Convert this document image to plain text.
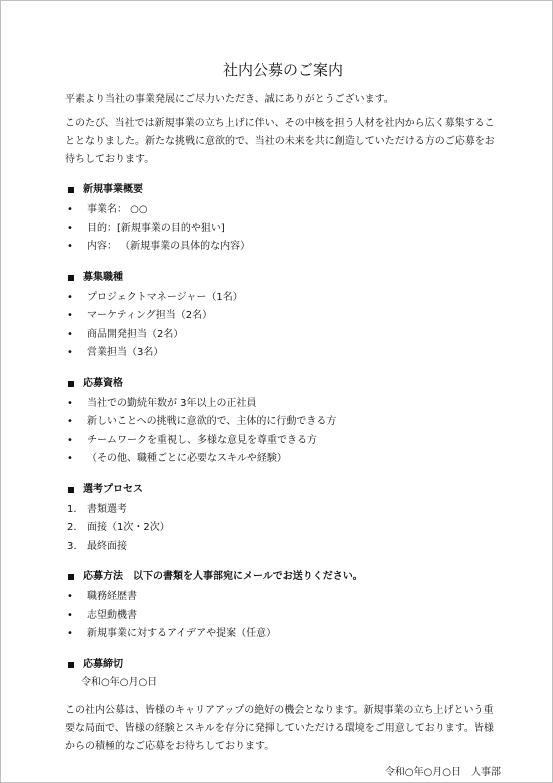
社内公募のご案内

平素より当社の事業発展にご尽力いただき、誠にありがとうございます。

このたび、当社では新規事業の立ち上げに伴い、その中核を担う人材を社内から広く募集することとなりました。新たな挑戦に意欲的で、当社の未来を共に創造していただける方のご応募をお待ちしております。

新規事業概要
• 事業名： ○○
• 目的：[新規事業の目的や狙い]
• 内容： （新規事業の具体的な内容）
募集職種
• プロジェクトマネージャー（1名）
• マーケティング担当（2名）
• 商品開発担当（2名）
• 営業担当（3名）
応募資格
• 当社での勤続年数が 3年以上の正社員
• 新しいことへの挑戦に意欲的で、主体的に行動できる方
• チームワークを重視し、多様な意見を尊重できる方
• （その他、職種ごとに必要なスキルや経験）
選考プロセス
1. 書類選考
2. 面接（1次・2次）
3. 最終面接
応募方法　以下の書類を人事部宛にメールでお送りください。
• 職務経歴書
• 志望動機書
• 新規事業に対するアイデアや提案（任意）
応募締切
令和○年○月○日

この社内公募は、皆様のキャリアアップの絶好の機会となります。新規事業の立ち上げという重要な局面で、皆様の経験とスキルを存分に発揮していただける環境をご用意しております。皆様からの積極的なご応募をお待ちしております。

令和○年○月○日　人事部
